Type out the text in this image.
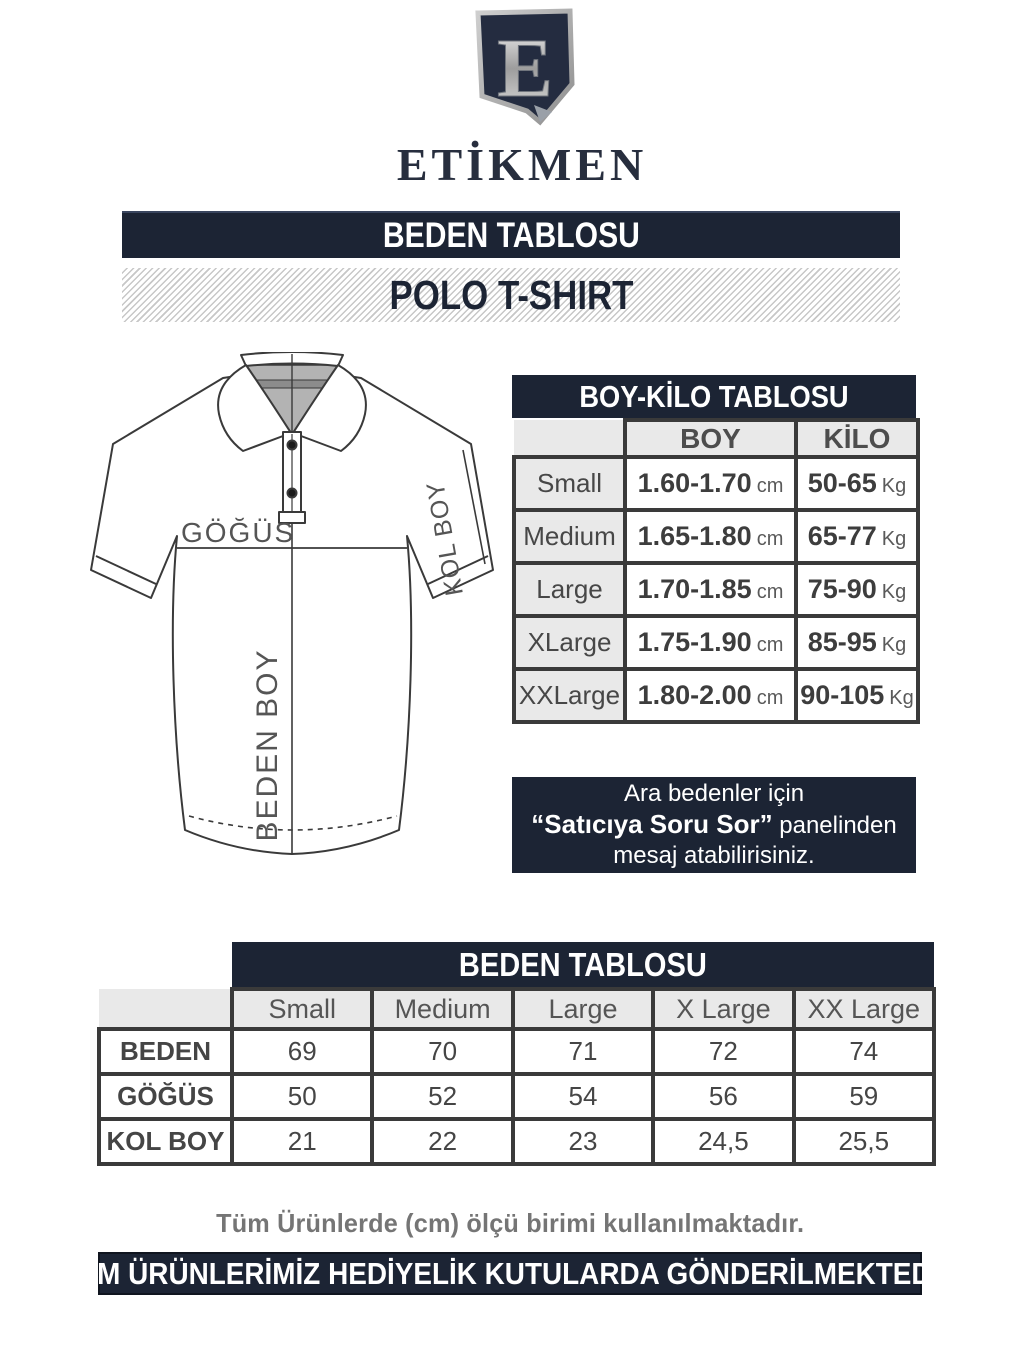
E
ETİKMEN
BEDEN TABLOSU
POLO T-SHIRT
GÖĞÜS
BEDEN BOY
KOL BOY
BOY-KİLO TABLOSU
	BOY	KİLO
Small	1.60-1.70 cm	50-65 Kg
Medium	1.65-1.80 cm	65-77 Kg
Large	1.70-1.85 cm	75-90 Kg
XLarge	1.75-1.90 cm	85-95 Kg
XXLarge	1.80-2.00 cm	90-105 Kg
Ara bedenler için
“Satıcıya Soru Sor” panelinden
mesaj atabilirisiniz.
	BEDEN TABLOSU				
	Small	Medium	Large	X Large	XX Large
BEDEN	69	70	71	72	74
GÖĞÜS	50	52	54	56	59
KOL BOY	21	22	23	24,5	25,5
Tüm Ürünlerde (cm) ölçü birimi kullanılmaktadır.
TÜM ÜRÜNLERİMİZ HEDİYELİK KUTULARDA GÖNDERİLMEKTEDİR
